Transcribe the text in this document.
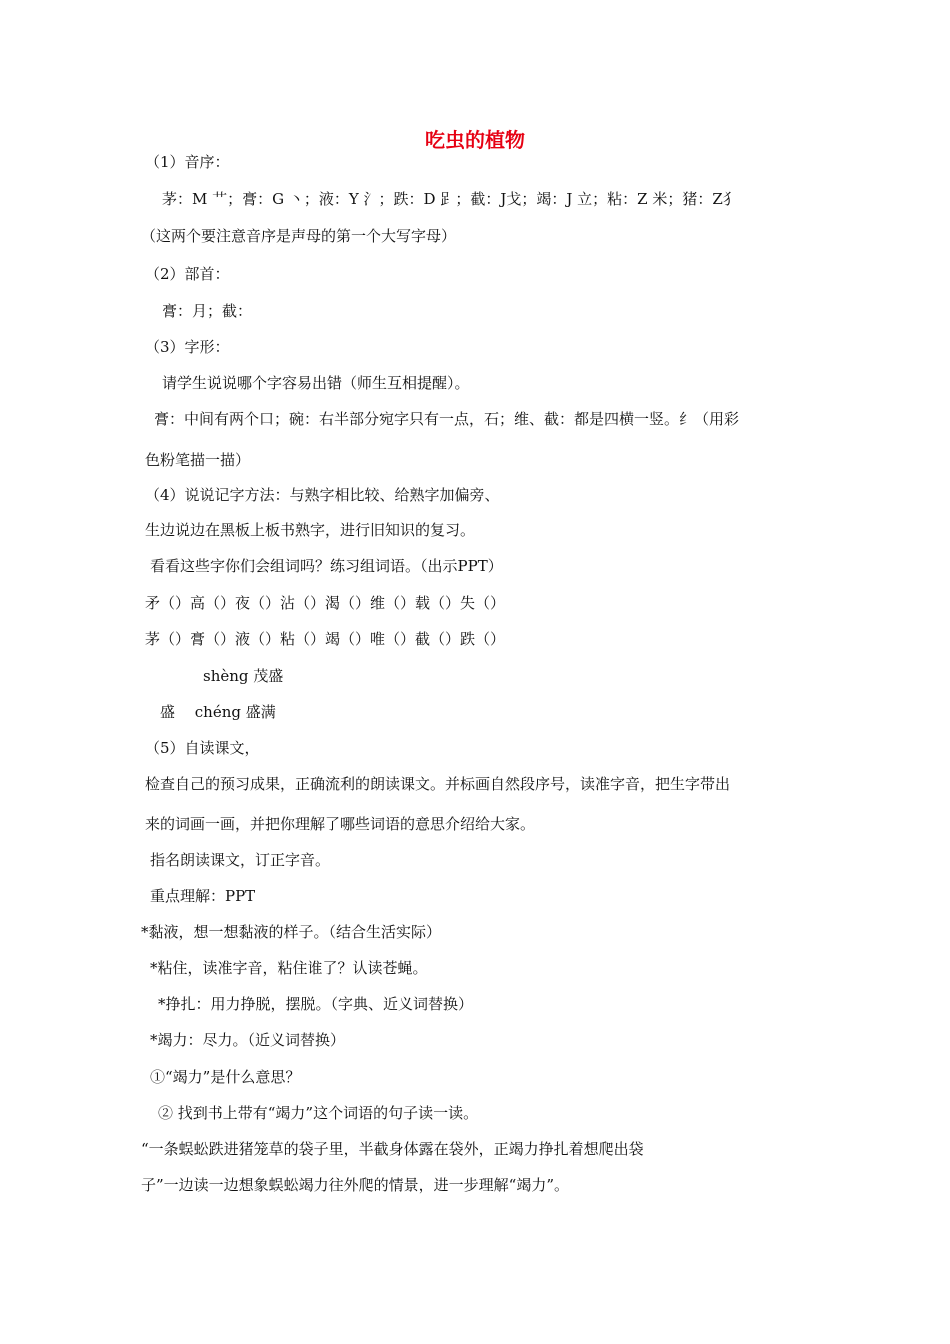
吃虫的植物
（1）音序：
茅：M 艹；膏：G 丶；液：Y 氵；跌：D 𧾷；截：J戈；竭：J 立；粘：Z 米；猪：Z犭
（这两个要注意音序是声母的第一个大写字母）
（2）部首：
膏：月；截：
（3）字形：
请学生说说哪个字容易出错（师生互相提醒）。
膏：中间有两个口；碗：右半部分宛字只有一点，石；维、截：都是四横一竖。纟（用彩
色粉笔描一描）
（4）说说记字方法：与熟字相比较、给熟字加偏旁、
生边说边在黑板上板书熟字，进行旧知识的复习。
看看这些字你们会组词吗？练习组词语。（出示PPT）
矛（）高（）夜（）沾（）渴（）维（）载（）失（）
茅（）膏（）液（）粘（）竭（）唯（）截（）跌（）
shèng 茂盛
盛　 chéng 盛满
（5）自读课文，
检查自己的预习成果，正确流利的朗读课文。并标画自然段序号，读准字音，把生字带出
来的词画一画，并把你理解了哪些词语的意思介绍给大家。
指名朗读课文，订正字音。
重点理解：PPT
*黏液，想一想黏液的样子。（结合生活实际）
*粘住，读准字音，粘住谁了？认读苍蝇。
*挣扎：用力挣脱，摆脱。（字典、近义词替换）
*竭力：尽力。（近义词替换）
①“竭力”是什么意思？
② 找到书上带有“竭力”这个词语的句子读一读。
“一条蜈蚣跌进猪笼草的袋子里，半截身体露在袋外，正竭力挣扎着想爬出袋
子”一边读一边想象蜈蚣竭力往外爬的情景，进一步理解“竭力”。
